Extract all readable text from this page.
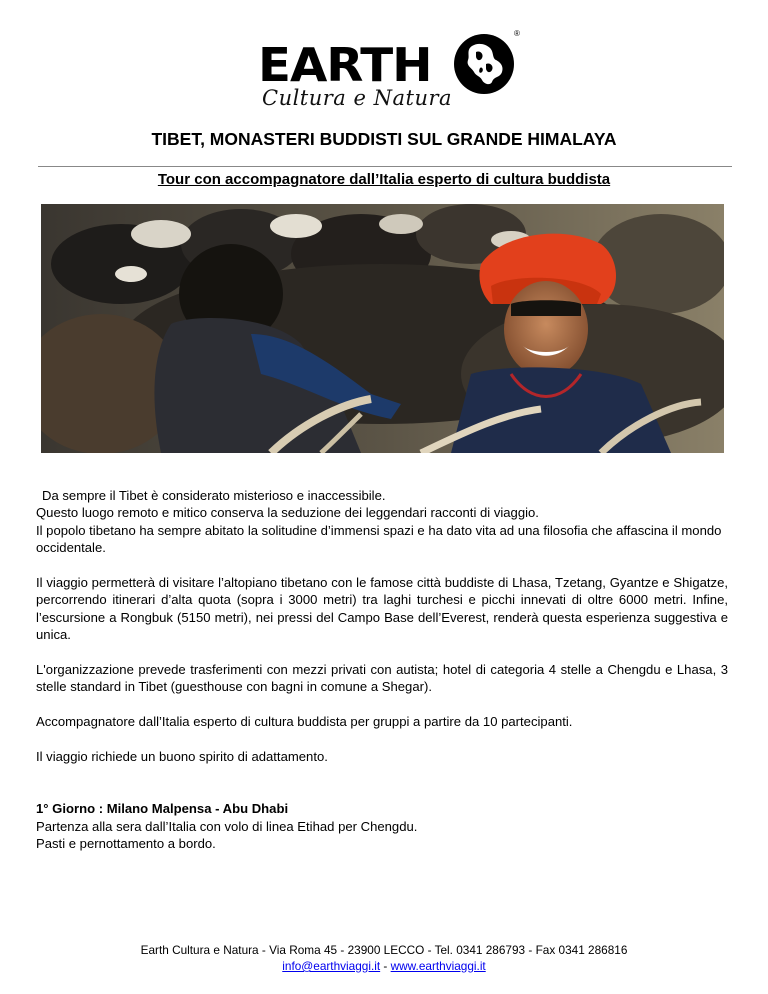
EARTH
®
Cultura e Natura
TIBET, MONASTERI BUDDISTI SUL GRANDE HIMALAYA
Tour con accompagnatore dall’Italia esperto di cultura buddista

Da sempre il Tibet è considerato misterioso e inaccessibile.
Questo luogo remoto e mitico conserva la seduzione dei leggendari racconti di viaggio.
Il popolo tibetano ha sempre abitato la solitudine d’immensi spazi e ha dato vita ad una filosofia che affascina il mondo occidentale.

Il viaggio permetterà di visitare l’altopiano tibetano con le famose città buddiste di Lhasa, Tzetang, Gyantze e Shigatze, percorrendo itinerari d’alta quota (sopra i 3000 metri) tra laghi turchesi e picchi innevati di oltre 6000 metri. Infine, l’escursione a Rongbuk (5150 metri), nei pressi del Campo Base dell’Everest, renderà questa esperienza suggestiva e unica.

L'organizzazione prevede trasferimenti con mezzi privati con autista; hotel di categoria 4 stelle a Chengdu e Lhasa, 3 stelle standard in Tibet (guesthouse con bagni in comune a Shegar).

Accompagnatore dall’Italia esperto di cultura buddista per gruppi a partire da 10 partecipanti.

Il viaggio richiede un buono spirito di adattamento.

1° Giorno : Milano Malpensa - Abu Dhabi
Partenza alla sera dall’Italia con volo di linea Etihad per Chengdu.
Pasti e pernottamento a bordo.

Earth Cultura e Natura - Via Roma 45 - 23900 LECCO - Tel. 0341 286793 - Fax 0341 286816
info@earthviaggi.it - www.earthviaggi.it
